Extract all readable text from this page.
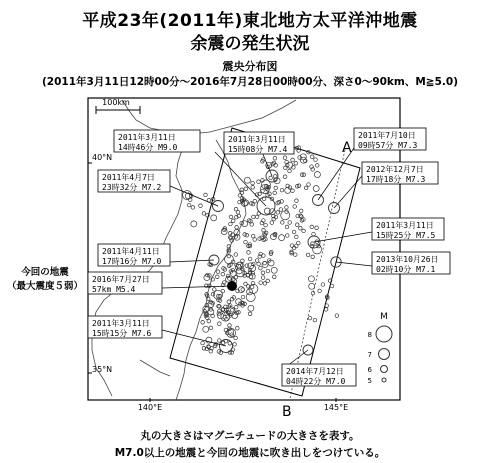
平成23年(2011年)東北地方太平洋沖地震
余震の発生状況
震央分布図
(2011年3月11日12時00分～2016年7月28日00時00分、深さ0～90km、M≧5.0)
今回の地震
（最大震度５弱）
100km
40°N
35°N
140°E	145°E
A
B
M
8
7
6
5
2011年3月11日
15時08分 M7.4
2011年3月11日
14時46分 M9.0
2011年7月10日
09時57分 M7.3
2011年4月7日
23時32分 M7.2
2012年12月7日
17時18分 M7.3
2011年3月11日
15時25分 M7.5
2011年4月11日
17時16分 M7.0	2013年10月26日
02時10分 M7.1
2016年7月27日
57km M5.4
2011年3月11日
15時15分 M7.6
2014年7月12日
04時22分 M7.0
丸の大きさはマグニチュードの大きさを表す。
M7.0以上の地震と今回の地震に吹き出しをつけている。
